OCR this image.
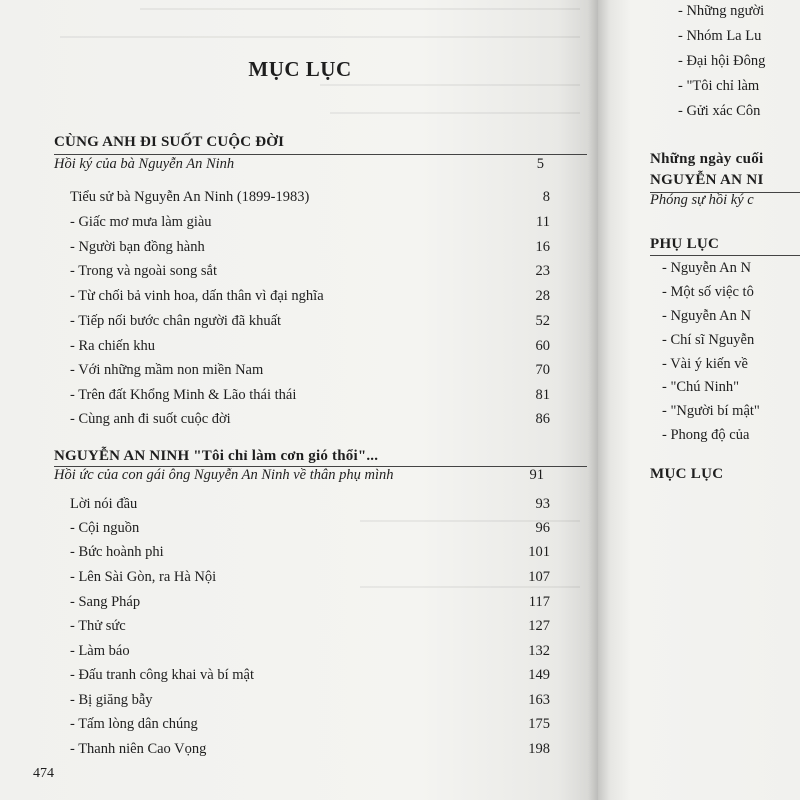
MỤC LỤC
CÙNG ANH ĐI SUỐT CUỘC ĐỜI
Hồi ký của bà Nguyễn An Ninh	5
Tiểu sử bà Nguyễn An Ninh (1899-1983)	8
- Giấc mơ mưa làm giàu	11
- Người bạn đồng hành	16
- Trong và ngoài song sắt	23
- Từ chối bả vinh hoa, dấn thân vì đại nghĩa	28
- Tiếp nối bước chân người đã khuất	52
- Ra chiến khu	60
- Với những mầm non miền Nam	70
- Trên đất Khổng Minh & Lão thái thái	81
- Cùng anh đi suốt cuộc đời	86
NGUYỄN AN NINH "Tôi chỉ làm cơn gió thổi"...
Hồi ức của con gái ông Nguyễn An Ninh về thân phụ mình	91
Lời nói đầu	93
- Cội nguồn	96
- Bức hoành phi	101
- Lên Sài Gòn, ra Hà Nội	107
- Sang Pháp	117
- Thử sức	127
- Làm báo	132
- Đấu tranh công khai và bí mật	149
- Bị giăng bẫy	163
- Tấm lòng dân chúng	175
- Thanh niên Cao Vọng	198
474
- Những người
- Nhóm La Lu
- Đại hội Đông
- "Tôi chỉ làm
- Gửi xác Côn
Những ngày cuối
NGUYỄN AN NI
Phóng sự hồi ký c
PHỤ LỤC
- Nguyễn An N
- Một số việc tô
- Nguyễn An N
- Chí sĩ Nguyễn
- Vài ý kiến về
- "Chú Ninh"
- "Người bí mật"
- Phong độ của
MỤC LỤC
